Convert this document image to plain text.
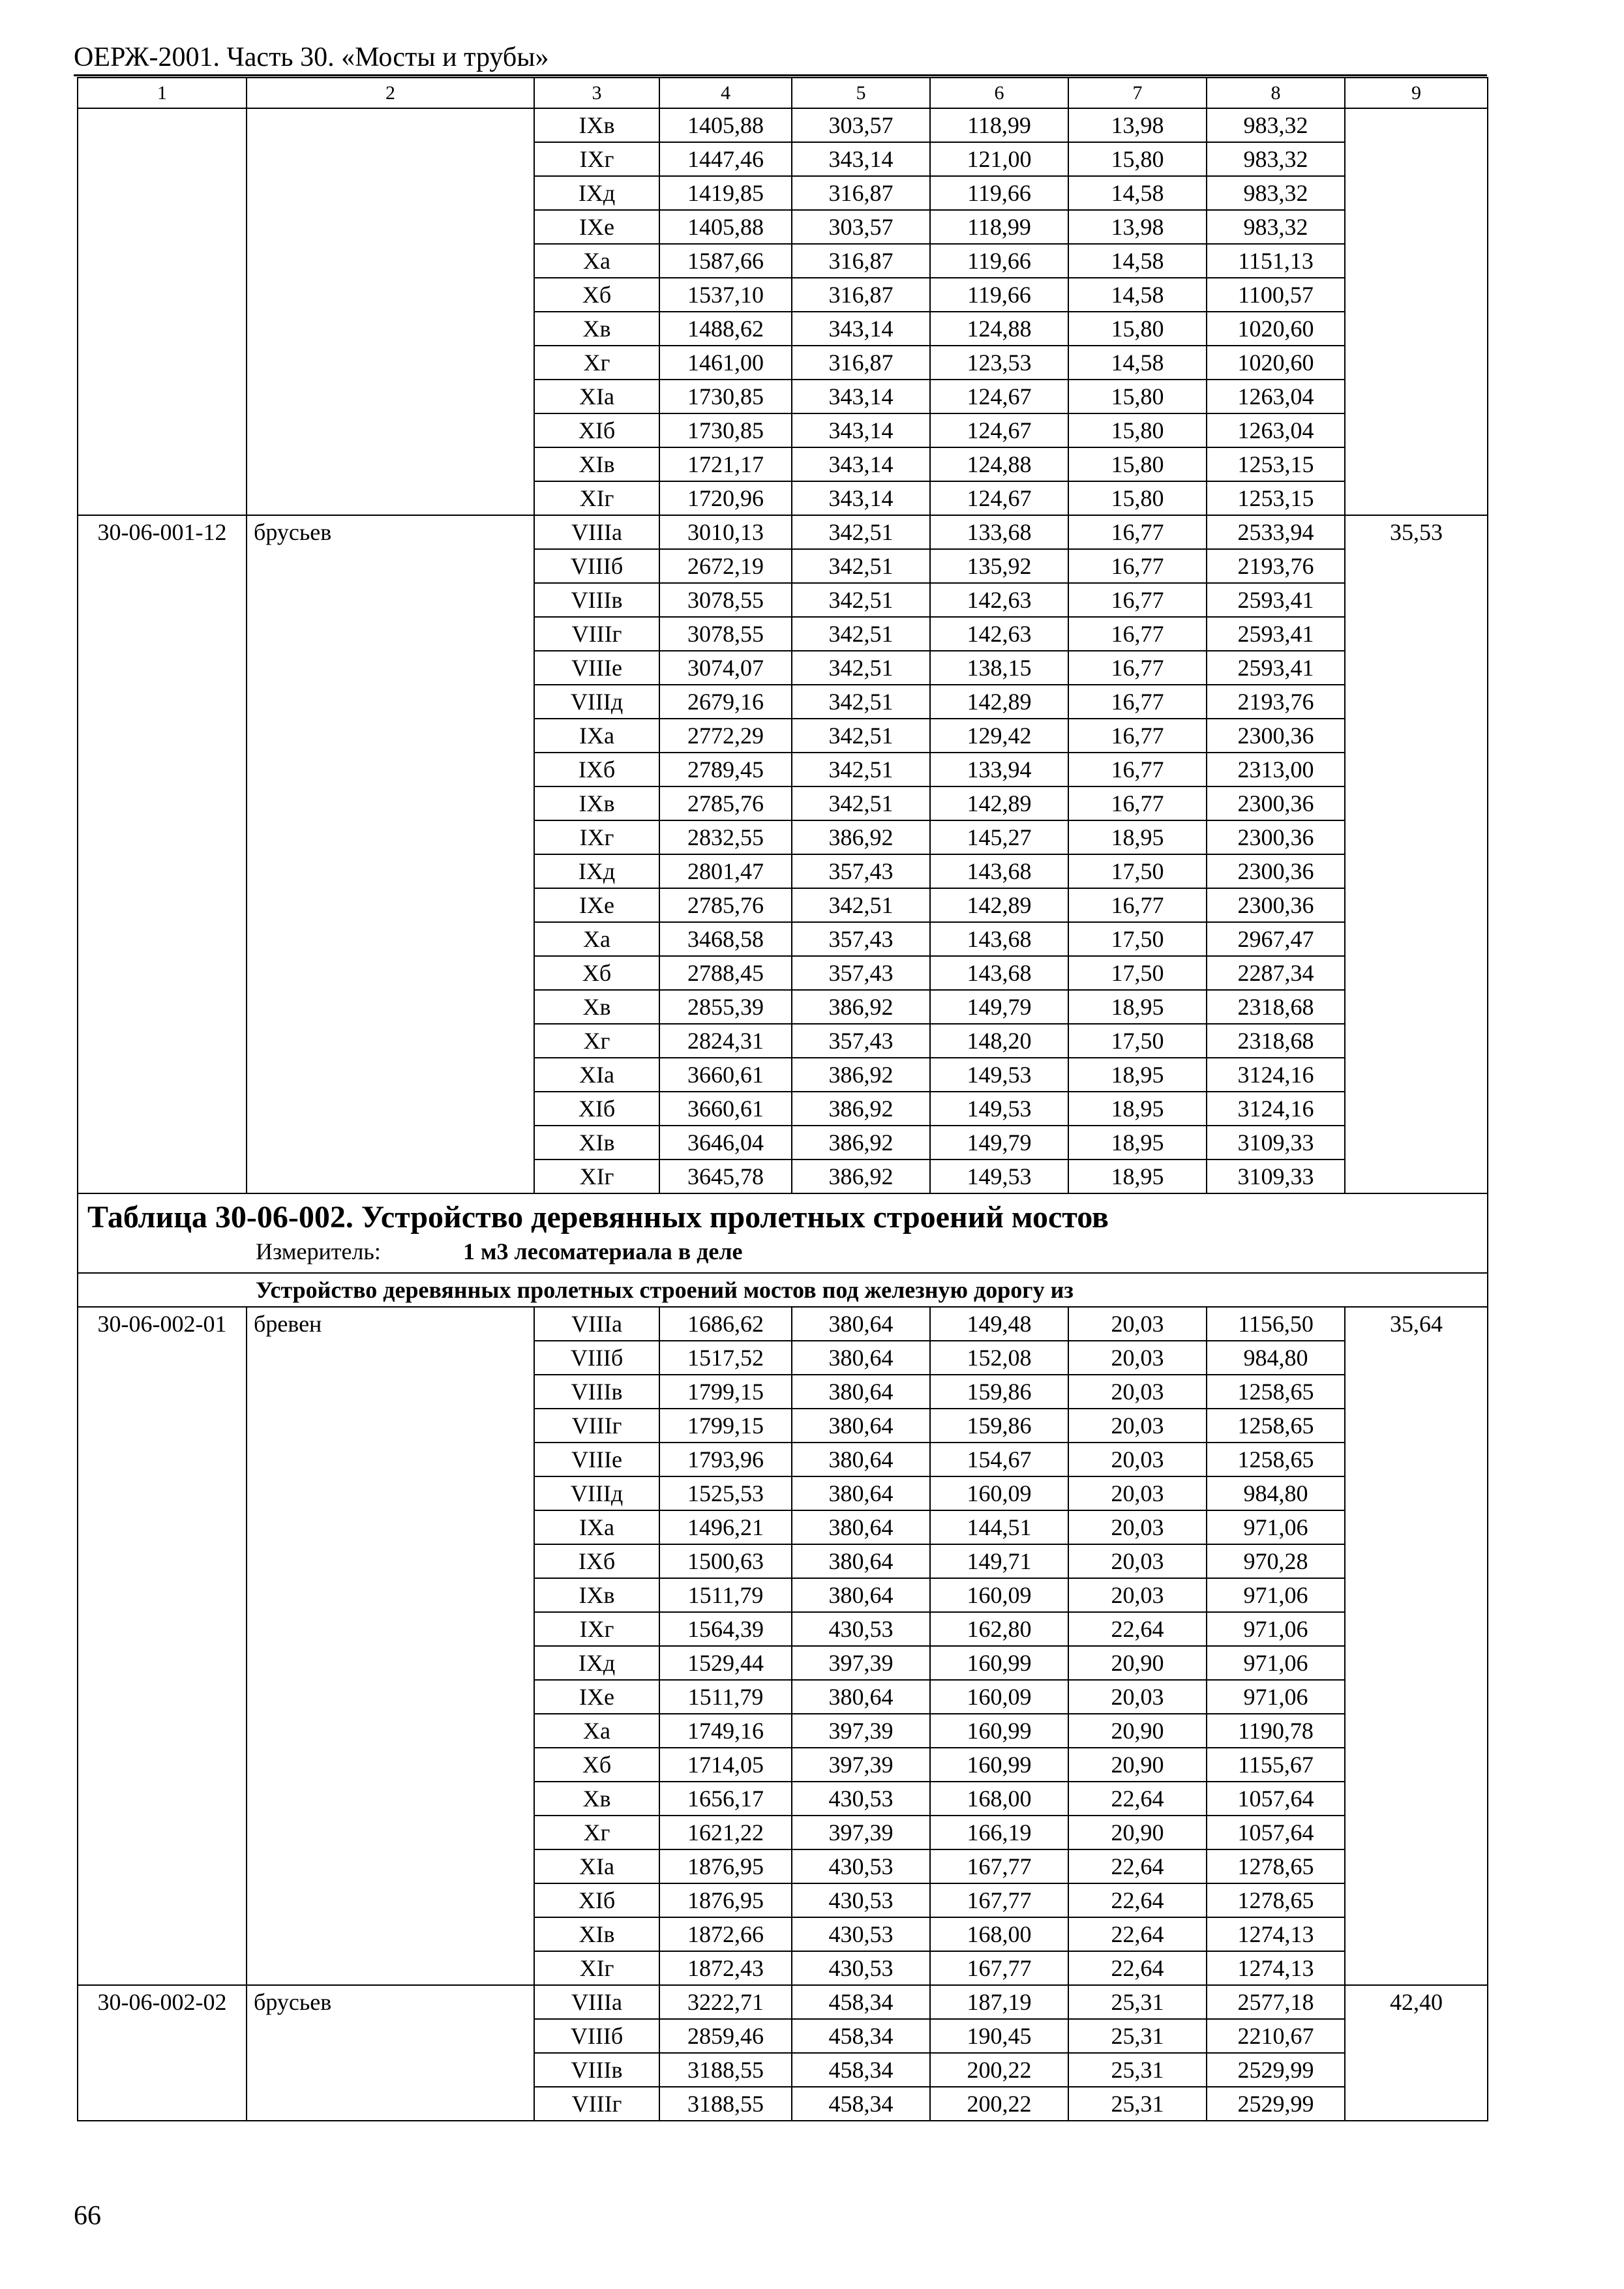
ОЕРЖ-2001. Часть 30. «Мосты и трубы»
1	2	3	4	5	6	7	8	9
		IXв	1405,88	303,57	118,99	13,98	983,32	
		IXг	1447,46	343,14	121,00	15,80	983,32	
		IXд	1419,85	316,87	119,66	14,58	983,32	
		IXe	1405,88	303,57	118,99	13,98	983,32	
		Xa	1587,66	316,87	119,66	14,58	1151,13	
		Xб	1537,10	316,87	119,66	14,58	1100,57	
		Xв	1488,62	343,14	124,88	15,80	1020,60	
		Xг	1461,00	316,87	123,53	14,58	1020,60	
		XIa	1730,85	343,14	124,67	15,80	1263,04	
		XIб	1730,85	343,14	124,67	15,80	1263,04	
		XIв	1721,17	343,14	124,88	15,80	1253,15	
		XIг	1720,96	343,14	124,67	15,80	1253,15	
30-06-001-12	брусьев	VIIIa	3010,13	342,51	133,68	16,77	2533,94	35,53
		VIIIб	2672,19	342,51	135,92	16,77	2193,76	
		VIIIв	3078,55	342,51	142,63	16,77	2593,41	
		VIIIг	3078,55	342,51	142,63	16,77	2593,41	
		VIIIe	3074,07	342,51	138,15	16,77	2593,41	
		VIIIд	2679,16	342,51	142,89	16,77	2193,76	
		IXa	2772,29	342,51	129,42	16,77	2300,36	
		IXб	2789,45	342,51	133,94	16,77	2313,00	
		IXв	2785,76	342,51	142,89	16,77	2300,36	
		IXг	2832,55	386,92	145,27	18,95	2300,36	
		IXд	2801,47	357,43	143,68	17,50	2300,36	
		IXe	2785,76	342,51	142,89	16,77	2300,36	
		Xa	3468,58	357,43	143,68	17,50	2967,47	
		Xб	2788,45	357,43	143,68	17,50	2287,34	
		Xв	2855,39	386,92	149,79	18,95	2318,68	
		Xг	2824,31	357,43	148,20	17,50	2318,68	
		XIa	3660,61	386,92	149,53	18,95	3124,16	
		XIб	3660,61	386,92	149,53	18,95	3124,16	
		XIв	3646,04	386,92	149,79	18,95	3109,33	
		XIг	3645,78	386,92	149,53	18,95	3109,33	

Таблица 30-06-002. Устройство деревянных пролетных строений мостов
Измеритель: 1 м3 лесоматериала в деле								

Устройство деревянных пролетных строений мостов под железную дорогу из								
30-06-002-01	бревен	VIIIa	1686,62	380,64	149,48	20,03	1156,50	35,64
		VIIIб	1517,52	380,64	152,08	20,03	984,80	
		VIIIв	1799,15	380,64	159,86	20,03	1258,65	
		VIIIг	1799,15	380,64	159,86	20,03	1258,65	
		VIIIe	1793,96	380,64	154,67	20,03	1258,65	
		VIIIд	1525,53	380,64	160,09	20,03	984,80	
		IXa	1496,21	380,64	144,51	20,03	971,06	
		IXб	1500,63	380,64	149,71	20,03	970,28	
		IXв	1511,79	380,64	160,09	20,03	971,06	
		IXг	1564,39	430,53	162,80	22,64	971,06	
		IXд	1529,44	397,39	160,99	20,90	971,06	
		IXe	1511,79	380,64	160,09	20,03	971,06	
		Xa	1749,16	397,39	160,99	20,90	1190,78	
		Xб	1714,05	397,39	160,99	20,90	1155,67	
		Xв	1656,17	430,53	168,00	22,64	1057,64	
		Xг	1621,22	397,39	166,19	20,90	1057,64	
		XIa	1876,95	430,53	167,77	22,64	1278,65	
		XIб	1876,95	430,53	167,77	22,64	1278,65	
		XIв	1872,66	430,53	168,00	22,64	1274,13	
		XIг	1872,43	430,53	167,77	22,64	1274,13	
30-06-002-02	брусьев	VIIIa	3222,71	458,34	187,19	25,31	2577,18	42,40
		VIIIб	2859,46	458,34	190,45	25,31	2210,67	
		VIIIв	3188,55	458,34	200,22	25,31	2529,99	
		VIIIг	3188,55	458,34	200,22	25,31	2529,99	
66
